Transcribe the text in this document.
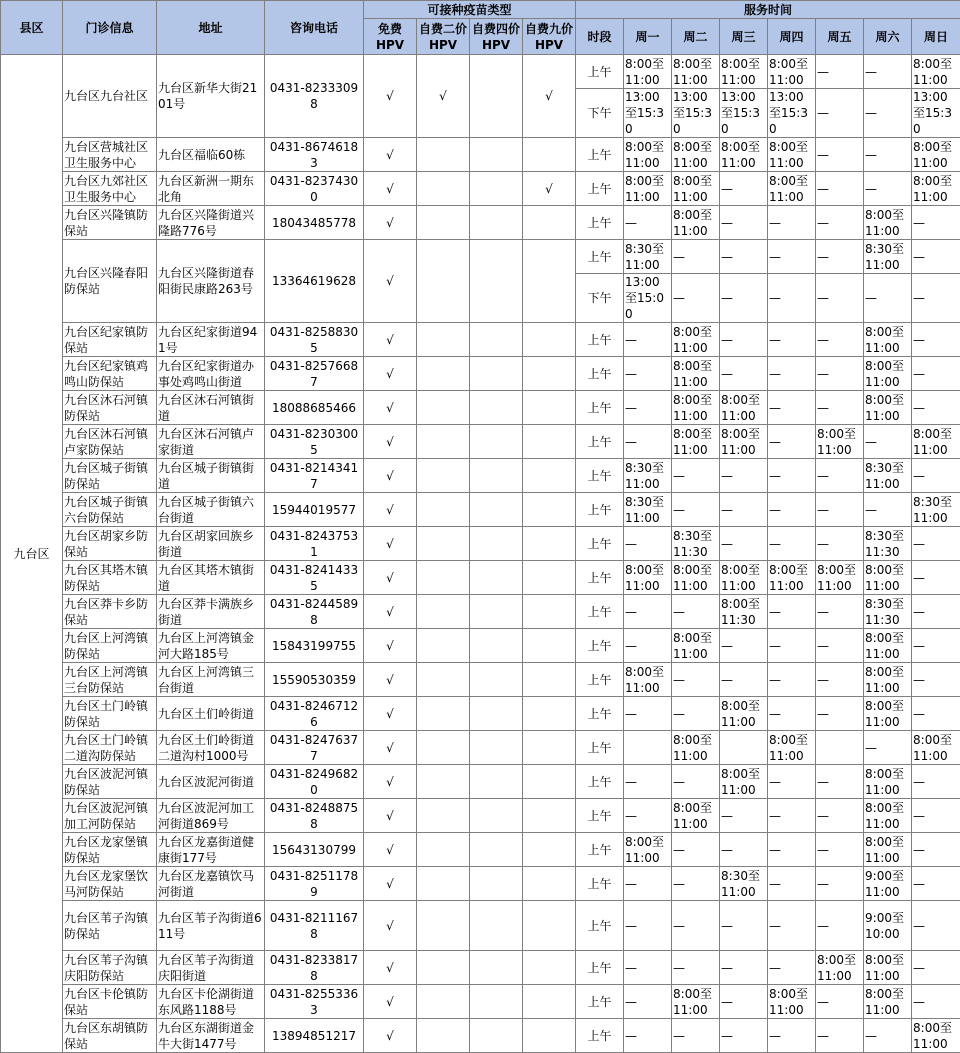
县区	门诊信息	地址	咨询电话	可接种疫苗类型				服务时间							
				免费HPV	自费二价HPV	自费四价HPV	自费九价HPV	时段	周一	周二	周三	周四	周五	周六	周日
九台区	九台区九台社区	九台区新华大街2101号	0431-82333098	√	√		√	上午	8:00至11:00	8:00至11:00	8:00至11:00	8:00至11:00	—	—	8:00至11:00
								下午	13:00至15:30	13:00至15:30	13:00至15:30	13:00至15:30	—	—	13:00至15:30
	九台区营城社区卫生服务中心	九台区福临60栋	0431-86746183	√				上午	8:00至11:00	8:00至11:00	8:00至11:00	8:00至11:00	—	—	8:00至11:00
	九台区九郊社区卫生服务中心	九台区新洲一期东北角	0431-82374300	√			√	上午	8:00至11:00	8:00至11:00	—	8:00至11:00	—	—	8:00至11:00
	九台区兴隆镇防保站	九台区兴隆街道兴隆路776号	18043485778	√				上午	—	8:00至11:00	—	—	—	8:00至11:00	—
	九台区兴隆春阳防保站	九台区兴隆街道春阳街民康路263号	13364619628	√				上午	8:30至11:00	—	—	—	—	8:30至11:00	—
								下午	13:00至15:00	—	—	—	—	—	—
	九台区纪家镇防保站	九台区纪家街道941号	0431-82588305	√				上午	—	8:00至11:00	—	—	—	8:00至11:00	—
	九台区纪家镇鸡鸣山防保站	九台区纪家街道办事处鸡鸣山街道	0431-82576687	√				上午	—	8:00至11:00	—	—	—	8:00至11:00	—
	九台区沐石河镇防保站	九台区沐石河镇街道	18088685466	√				上午	—	8:00至11:00	8:00至11:00	—	—	8:00至11:00	—
	九台区沐石河镇卢家防保站	九台区沐石河镇卢家街道	0431-82303005	√				上午	—	8:00至11:00	8:00至11:00	—	8:00至11:00	—	8:00至11:00
	九台区城子街镇防保站	九台区城子街镇街道	0431-82143417	√				上午	8:30至11:00	—	—	—	—	8:30至11:00	—
	九台区城子街镇六台防保站	九台区城子街镇六台街道	15944019577	√				上午	8:30至11:00	—	—	—	—	—	8:30至11:00
	九台区胡家乡防保站	九台区胡家回族乡街道	0431-82437531	√				上午	—	8:30至11:30	—	—	—	8:30至11:30	—
	九台区其塔木镇防保站	九台区其塔木镇街道	0431-82414335	√				上午	8:00至11:00	8:00至11:00	8:00至11:00	8:00至11:00	8:00至11:00	8:00至11:00	—
	九台区莽卡乡防保站	九台区莽卡满族乡街道	0431-82445898	√				上午	—	—	8:00至11:30	—	—	8:30至11:30	—
	九台区上河湾镇防保站	九台区上河湾镇金河大路185号	15843199755	√				上午	—	8:00至11:00	—	—	—	8:00至11:00	—
	九台区上河湾镇三台防保站	九台区上河湾镇三台街道	15590530359	√				上午	8:00至11:00	—	—	—	—	8:00至11:00	—
	九台区土门岭镇防保站	九台区土们岭街道	0431-82467126	√				上午	—	—	8:00至11:00	—	—	8:00至11:00	—
	九台区土门岭镇二道沟防保站	九台区土们岭街道二道沟村1000号	0431-82476377	√				上午		8:00至11:00		8:00至11:00		—	8:00至11:00
	九台区波泥河镇防保站	九台区波泥河街道	0431-82496820	√				上午	—	—	8:00至11:00	—	—	8:00至11:00	—
	九台区波泥河镇加工河防保站	九台区波泥河加工河街道869号	0431-82488758	√				上午	—	8:00至11:00	—	—	—	8:00至11:00	—
	九台区龙家堡镇防保站	九台区龙嘉街道健康街177号	15643130799	√				上午	8:00至11:00	—	—	—	—	8:00至11:00	—
	九台区龙家堡饮马河防保站	九台区龙嘉镇饮马河街道	0431-82511789	√				上午	—	—	8:30至11:00	—	—	9:00至11:00	—
	九台区苇子沟镇防保站	九台区苇子沟街道611号	0431-82111678	√				上午	—	—	—	—	—	9:00至10:00	—
	九台区苇子沟镇庆阳防保站	九台区苇子沟街道庆阳街道	0431-82338178	√				上午	—	—	—	—	8:00至11:00	8:00至11:00	—
	九台区卡伦镇防保站	九台区卡伦湖街道东风路1188号	0431-82553363	√				上午	—	8:00至11:00	—	8:00至11:00	—	8:00至11:00	—
	九台区东胡镇防保站	九台区东湖街道金牛大街1477号	13894851217	√				上午	—	—	—	—	—	—	8:00至11:00
